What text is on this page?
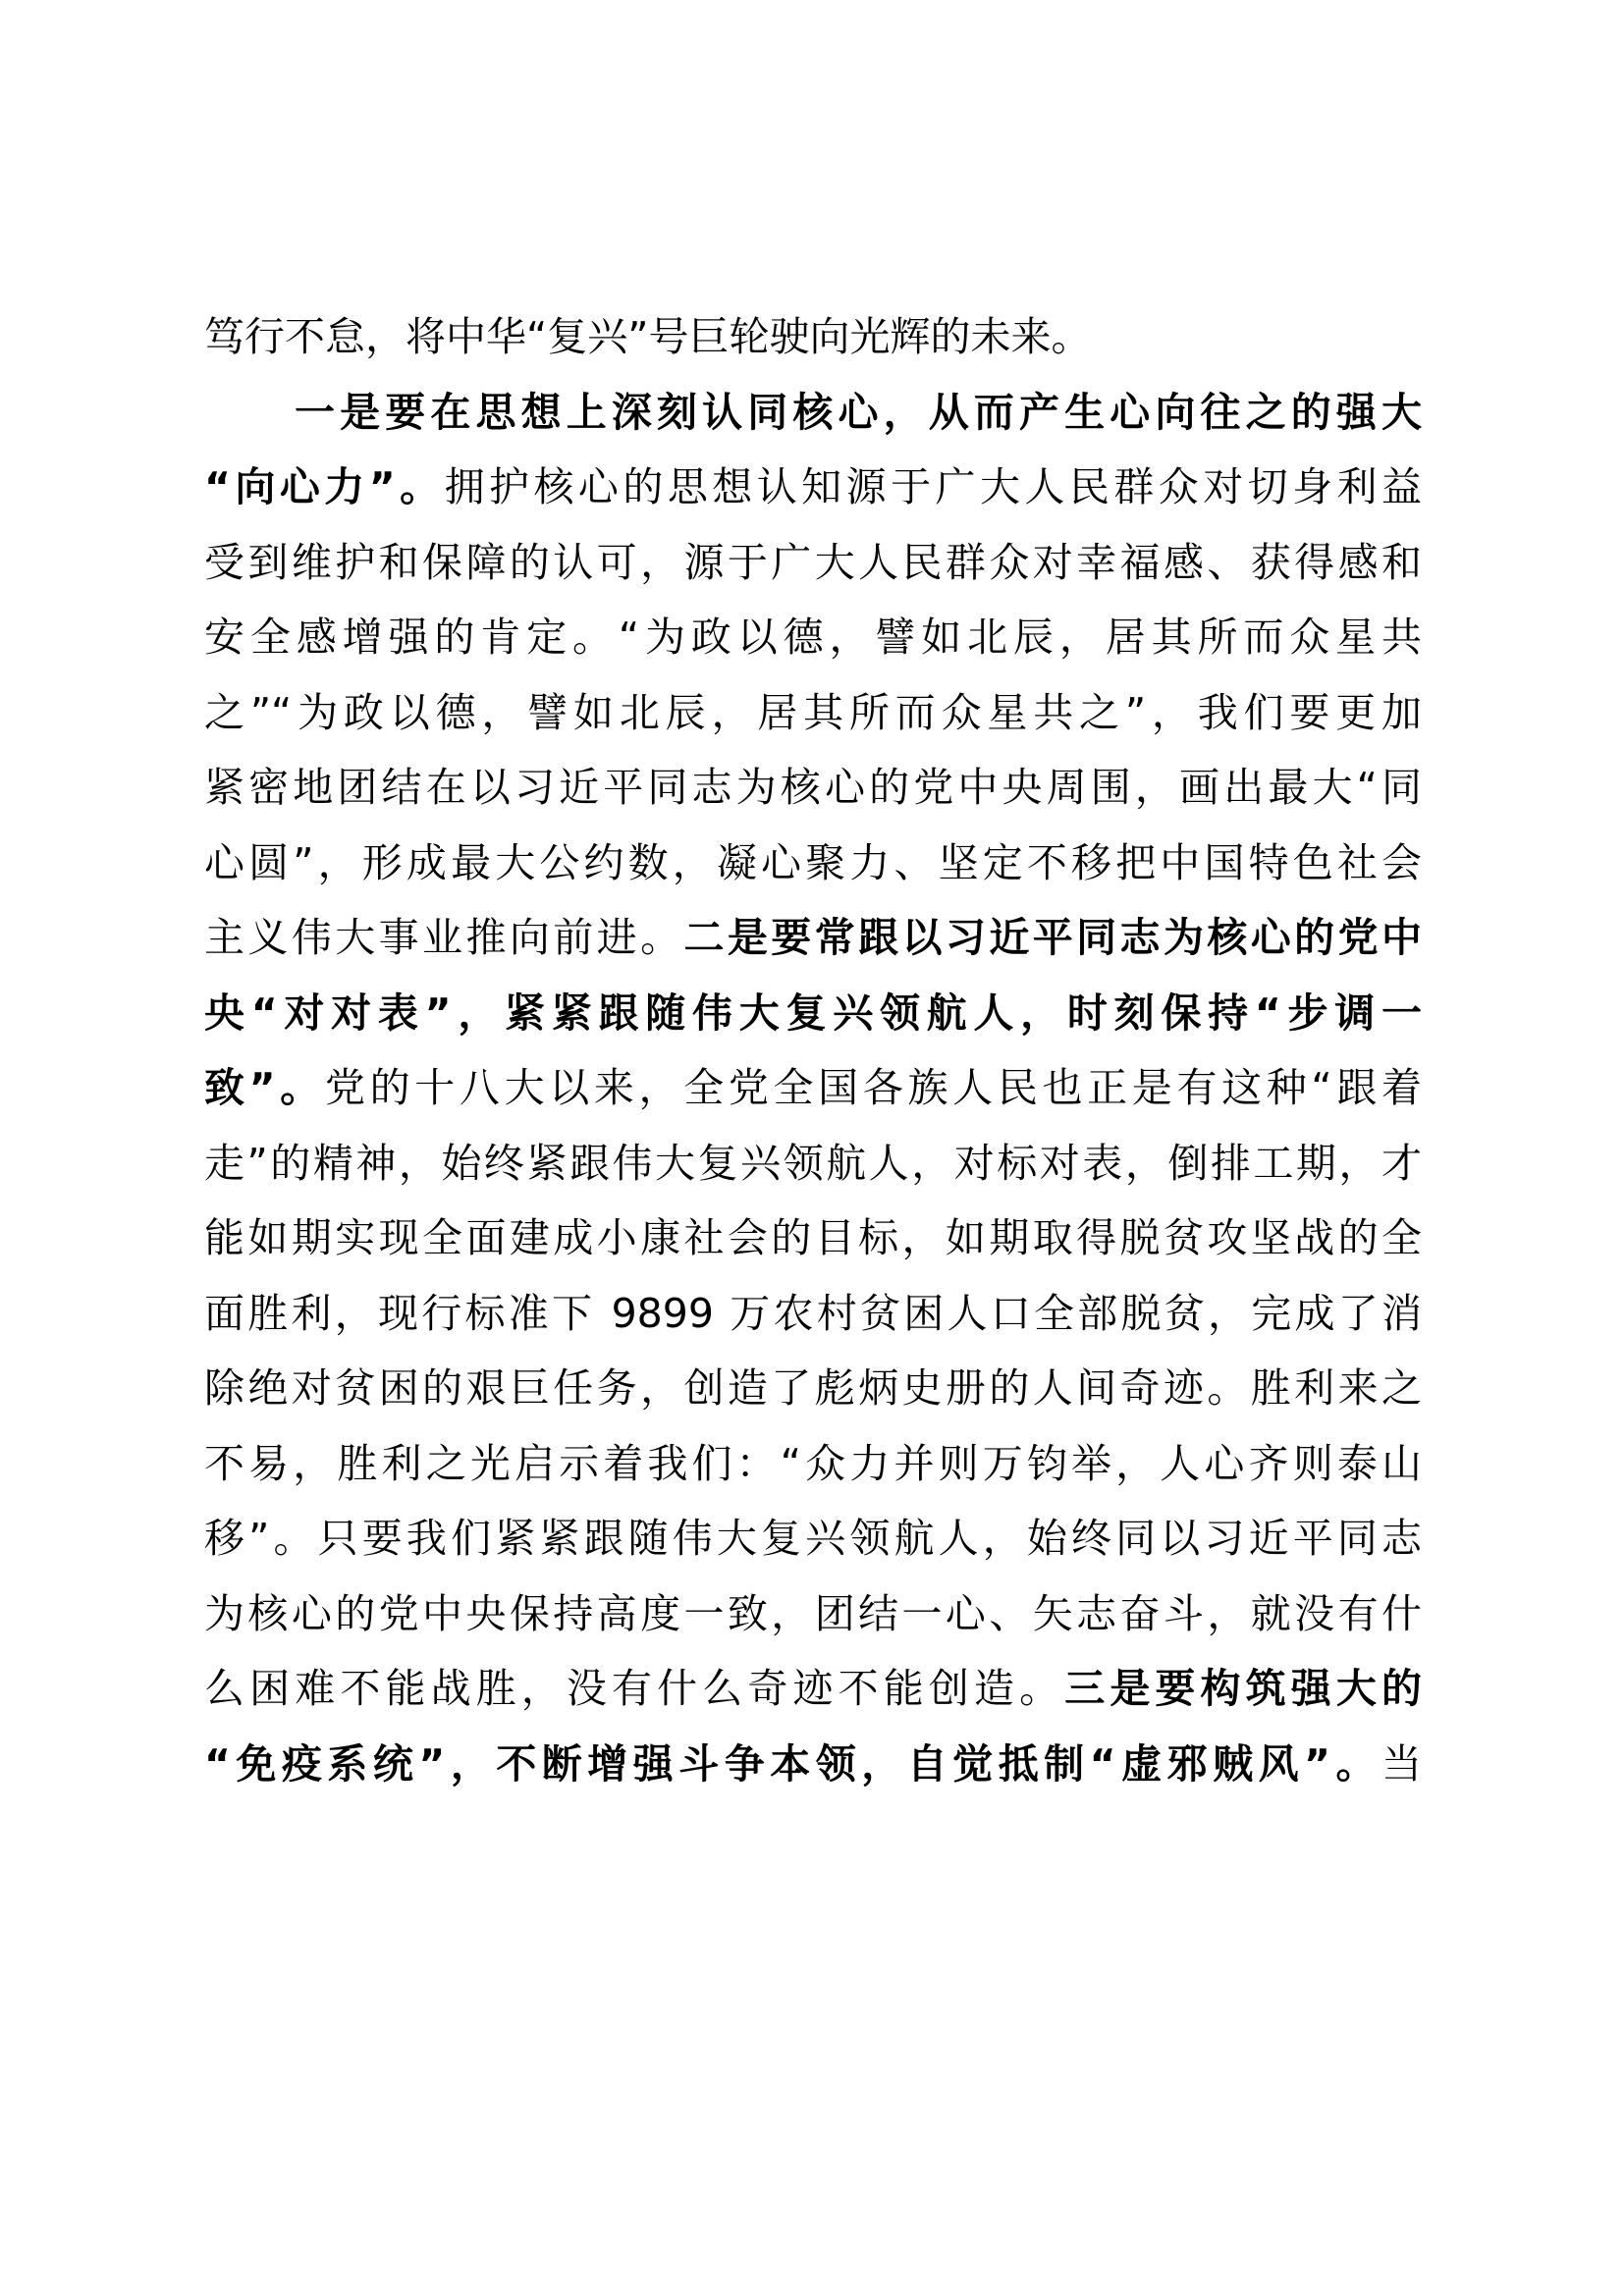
笃行不怠，将中华“复兴”号巨轮驶向光辉的未来。
一是要在思想上深刻认同核心，从而产生心向往之的强大
“向心力”。拥护核心的思想认知源于广大人民群众对切身利益
受到维护和保障的认可，源于广大人民群众对幸福感、获得感和
安全感增强的肯定。“为政以德，譬如北辰，居其所而众星共
之”“为政以德，譬如北辰，居其所而众星共之”，我们要更加
紧密地团结在以习近平同志为核心的党中央周围，画出最大“同
心圆”，形成最大公约数，凝心聚力、坚定不移把中国特色社会
主义伟大事业推向前进。二是要常跟以习近平同志为核心的党中
央“对对表”，紧紧跟随伟大复兴领航人，时刻保持“步调一
致”。党的十八大以来，全党全国各族人民也正是有这种“跟着
走”的精神，始终紧跟伟大复兴领航人，对标对表，倒排工期，才
能如期实现全面建成小康社会的目标，如期取得脱贫攻坚战的全
面胜利，现行标准下 9899 万农村贫困人口全部脱贫，完成了消
除绝对贫困的艰巨任务，创造了彪炳史册的人间奇迹。胜利来之
不易，胜利之光启示着我们：“众力并则万钧举，人心齐则泰山
移”。只要我们紧紧跟随伟大复兴领航人，始终同以习近平同志
为核心的党中央保持高度一致，团结一心、矢志奋斗，就没有什
么困难不能战胜，没有什么奇迹不能创造。三是要构筑强大的
“免疫系统”，不断增强斗争本领，自觉抵制“虚邪贼风”。当
